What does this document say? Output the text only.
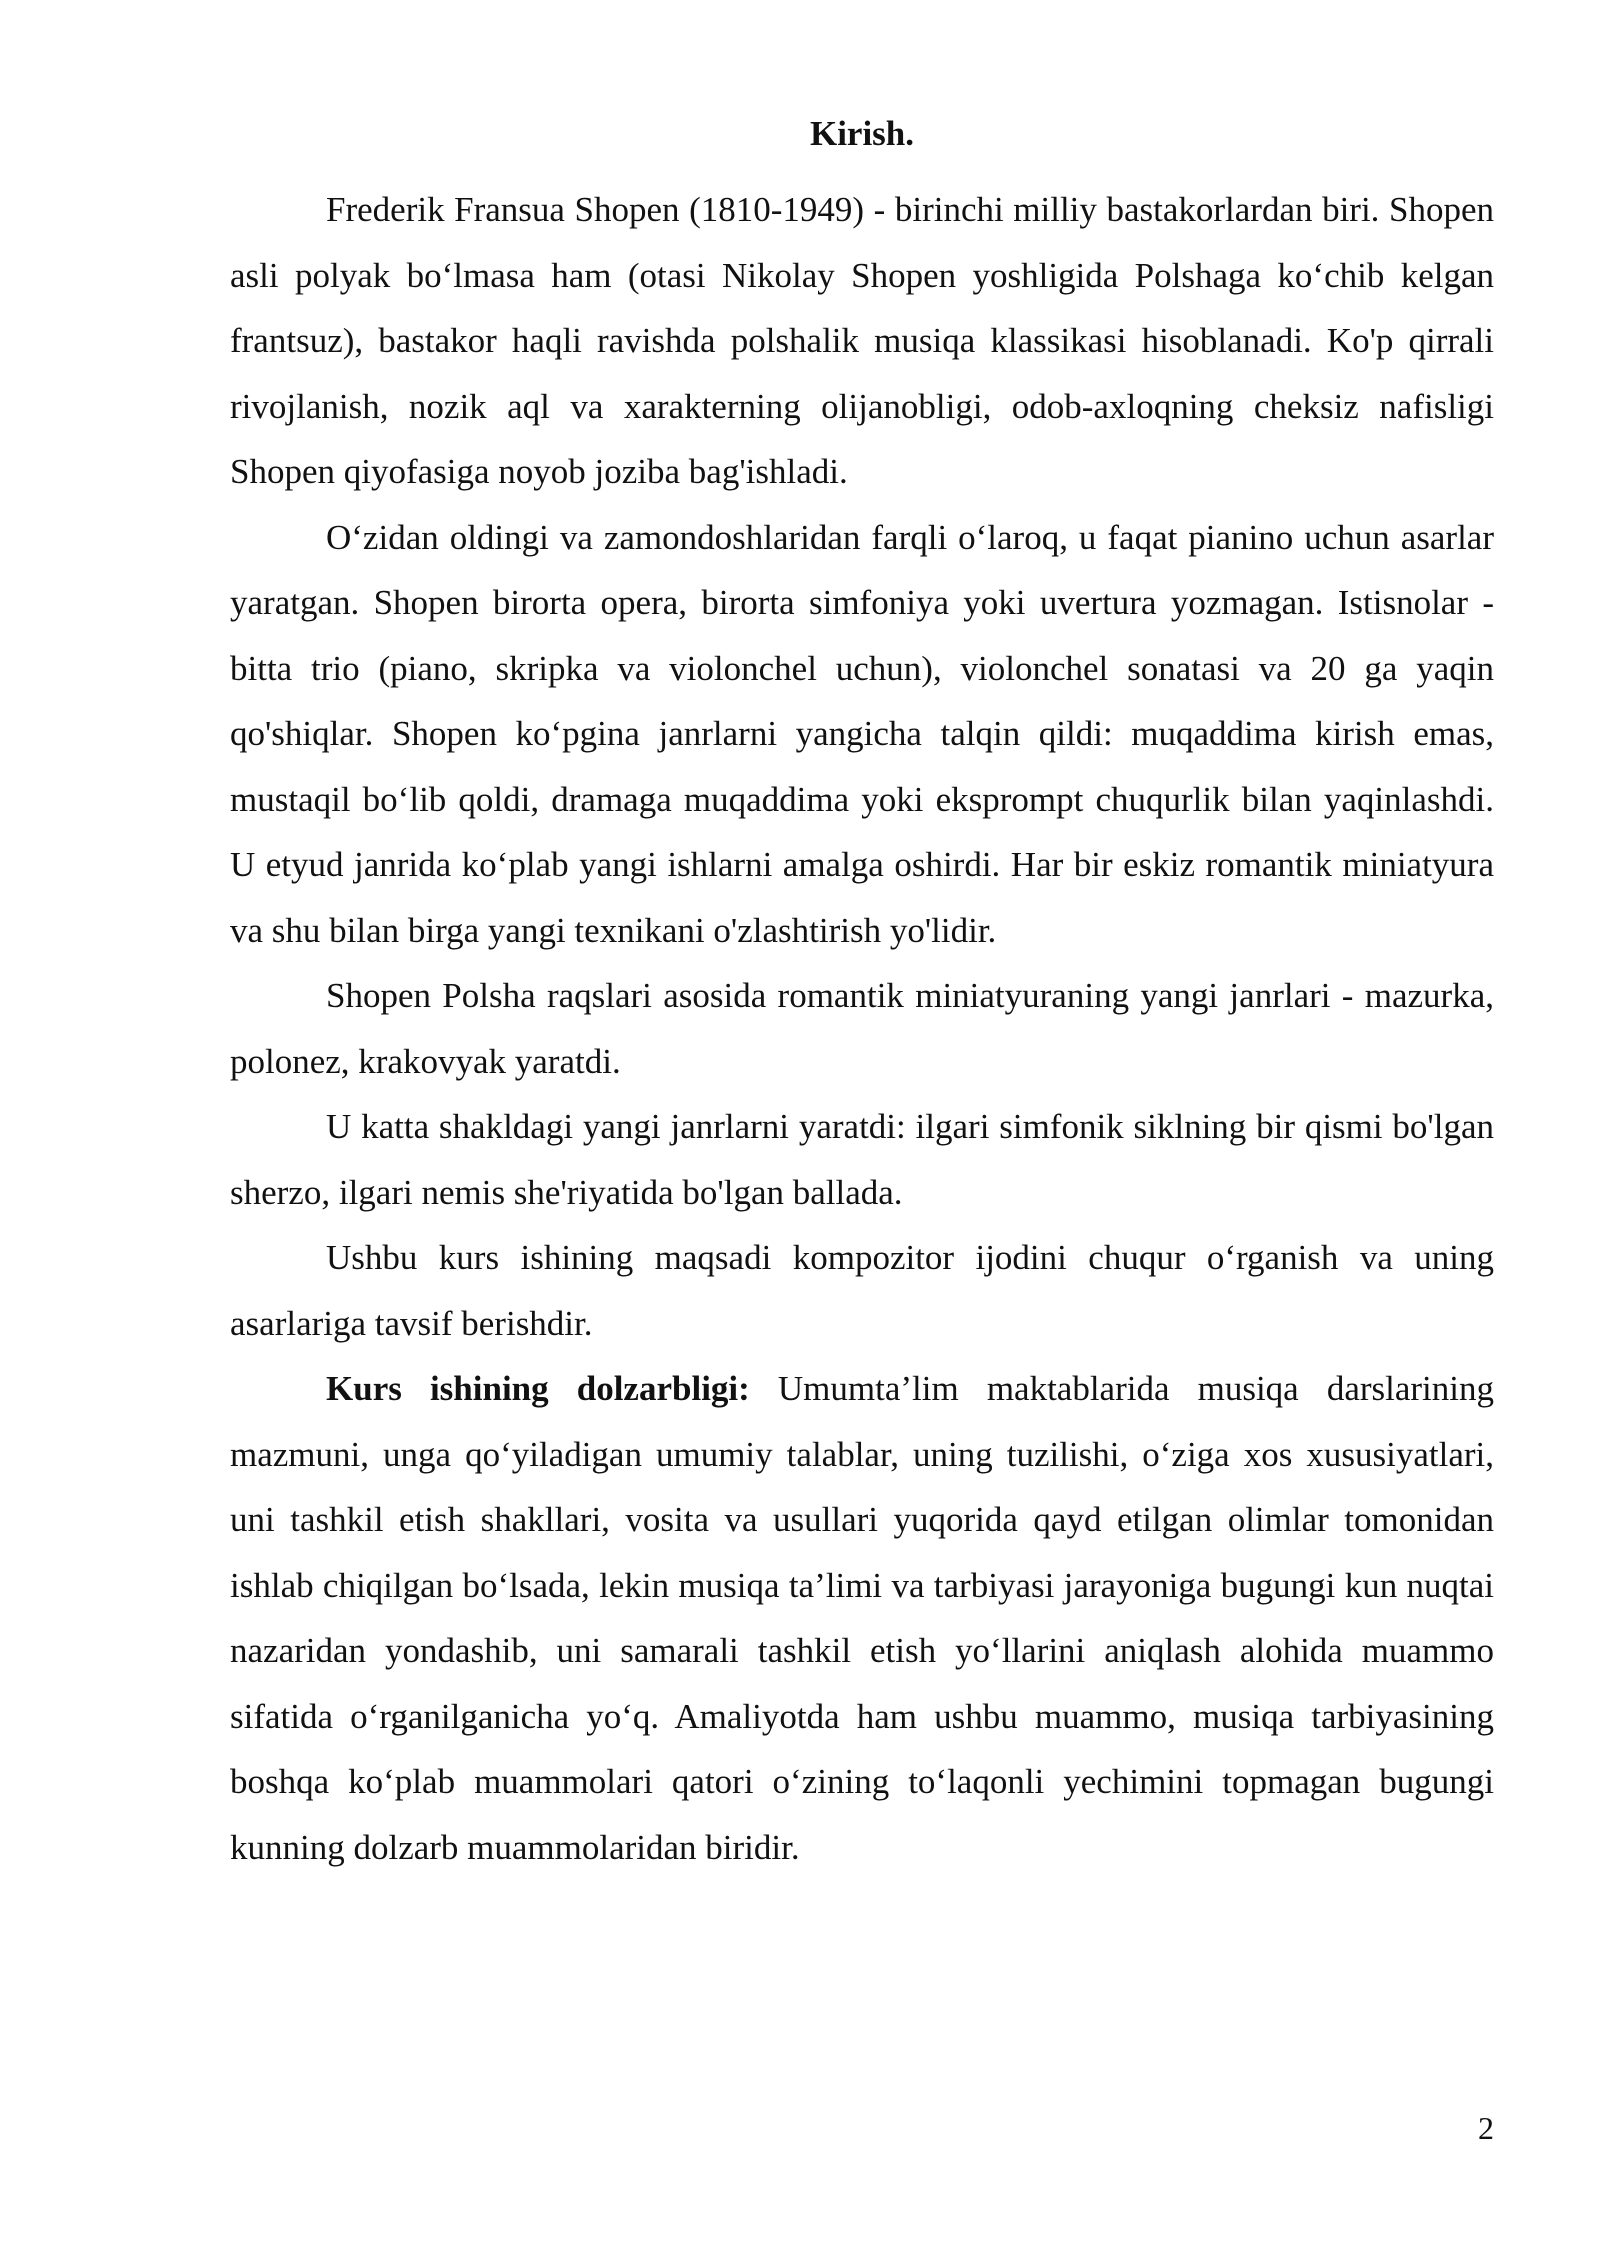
Kirish.

Frederik Fransua Shopen (1810-1949) - birinchi milliy bastakorlardan biri. Shopen asli polyak bo‘lmasa ham (otasi Nikolay Shopen yoshligida Polshaga ko‘chib kelgan frantsuz), bastakor haqli ravishda polshalik musiqa klassikasi hisoblanadi. Ko'p qirrali rivojlanish, nozik aql va xarakterning olijanobligi, odob-axloqning cheksiz nafisligi Shopen qiyofasiga noyob joziba bag'ishladi.

O‘zidan oldingi va zamondoshlaridan farqli o‘laroq, u faqat pianino uchun asarlar yaratgan. Shopen birorta opera, birorta simfoniya yoki uvertura yozmagan. Istisnolar - bitta trio (piano, skripka va violonchel uchun), violonchel sonatasi va 20 ga yaqin qo'shiqlar. Shopen ko‘pgina janrlarni yangicha talqin qildi: muqaddima kirish emas, mustaqil bo‘lib qoldi, dramaga muqaddima yoki eksprompt chuqurlik bilan yaqinlashdi. U etyud janrida ko‘plab yangi ishlarni amalga oshirdi. Har bir eskiz romantik miniatyura va shu bilan birga yangi texnikani o'zlashtirish yo'lidir.

Shopen Polsha raqslari asosida romantik miniatyuraning yangi janrlari - mazurka, polonez, krakovyak yaratdi.

U katta shakldagi yangi janrlarni yaratdi: ilgari simfonik siklning bir qismi bo'lgan sherzo, ilgari nemis she'riyatida bo'lgan ballada.

Ushbu kurs ishining maqsadi kompozitor ijodini chuqur o‘rganish va uning asarlariga tavsif berishdir.

Kurs ishining dolzarbligi: Umumta’lim maktablarida musiqa darslarining mazmuni, unga qo‘yiladigan umumiy talablar, uning tuzilishi, o‘ziga xos xususiyatlari, uni tashkil etish shakllari, vosita va usullari yuqorida qayd etilgan olimlar tomonidan ishlab chiqilgan bo‘lsada, lekin musiqa ta’limi va tarbiyasi jarayoniga bugungi kun nuqtai nazaridan yondashib, uni samarali tashkil etish yo‘llarini aniqlash alohida muammo sifatida o‘rganilganicha yo‘q. Amaliyotda ham ushbu muammo, musiqa tarbiyasining boshqa ko‘plab muammolari qatori o‘zining to‘laqonli yechimini topmagan bugungi kunning dolzarb muammolaridan biridir.

2
